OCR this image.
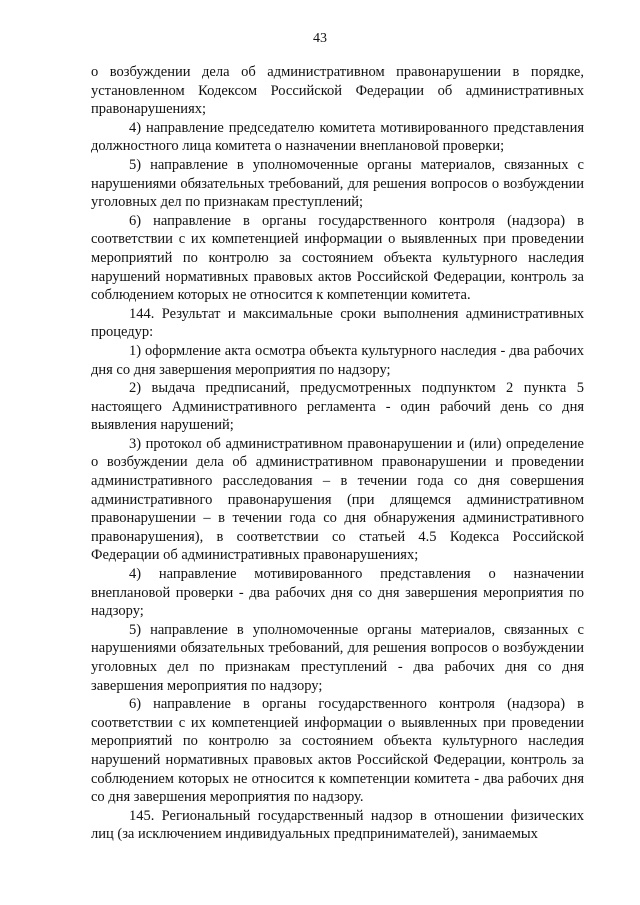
43

о возбуждении дела об административном правонарушении в порядке, установленном Кодексом Российской Федерации об административных правонарушениях;

4) направление председателю комитета мотивированного представления должностного лица комитета о назначении внеплановой проверки;

5) направление в уполномоченные органы материалов, связанных с нарушениями обязательных требований, для решения вопросов о возбуждении уголовных дел по признакам преступлений;

6) направление в органы государственного контроля (надзора) в соответствии с их компетенцией информации о выявленных при проведении мероприятий по контролю за состоянием объекта культурного наследия нарушений нормативных правовых актов Российской Федерации, контроль за соблюдением которых не относится к компетенции комитета.

144. Результат и максимальные сроки выполнения административных процедур:

1) оформление акта осмотра объекта культурного наследия - два рабочих дня со дня завершения мероприятия по надзору;

2) выдача предписаний, предусмотренных подпунктом 2 пункта 5 настоящего Административного регламента - один рабочий день со дня выявления нарушений;

3) протокол об административном правонарушении и (или) определение о возбуждении дела об административном правонарушении и проведении административного расследования – в течении года со дня совершения административного правонарушения (при длящемся административном правонарушении – в течении года со дня обнаружения административного правонарушения), в соответствии со статьей 4.5 Кодекса Российской Федерации об административных правонарушениях;

4) направление мотивированного представления о назначении внеплановой проверки - два рабочих дня со дня завершения мероприятия по надзору;

5) направление в уполномоченные органы материалов, связанных с нарушениями обязательных требований, для решения вопросов о возбуждении уголовных дел по признакам преступлений - два рабочих дня со дня завершения мероприятия по надзору;

6) направление в органы государственного контроля (надзора) в соответствии с их компетенцией информации о выявленных при проведении мероприятий по контролю за состоянием объекта культурного наследия нарушений нормативных правовых актов Российской Федерации, контроль за соблюдением которых не относится к компетенции комитета - два рабочих дня со дня завершения мероприятия по надзору.

145. Региональный государственный надзор в отношении физических лиц (за исключением индивидуальных предпринимателей), занимаемых
